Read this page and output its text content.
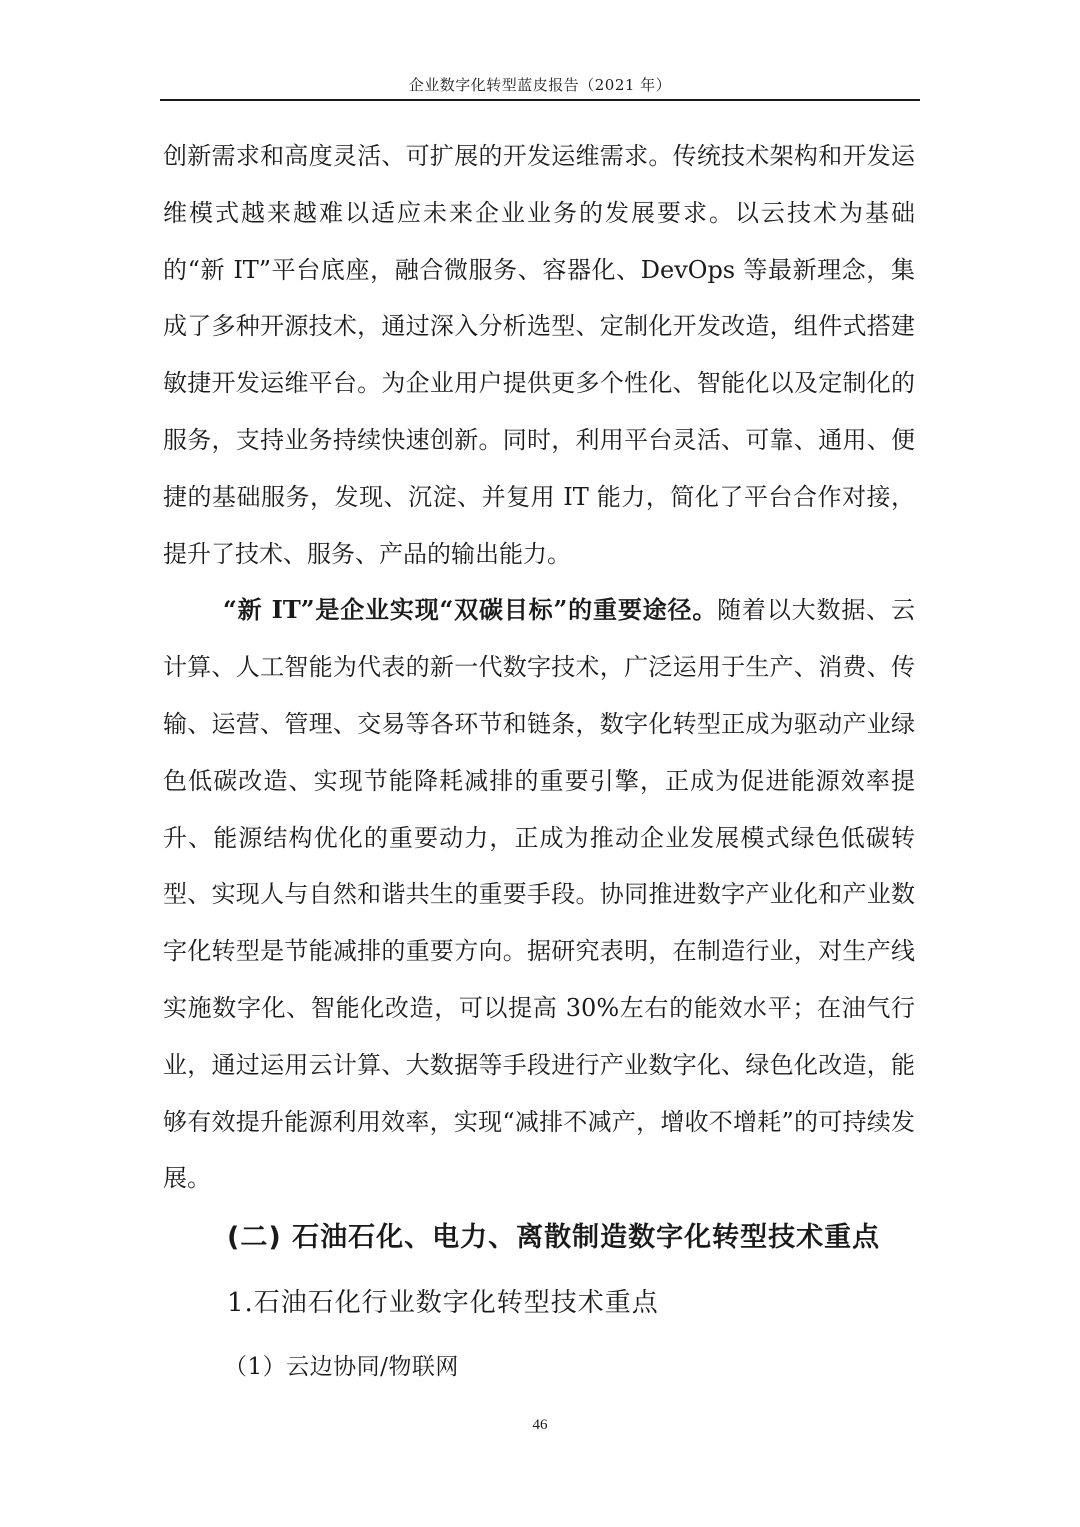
企业数字化转型蓝皮报告（2021 年）

创新需求和高度灵活、可扩展的开发运维需求。传统技术架构和开发运维模式越来越难以适应未来企业业务的发展要求。以云技术为基础的“新 IT”平台底座，融合微服务、容器化、DevOps 等最新理念，集成了多种开源技术，通过深入分析选型、定制化开发改造，组件式搭建敏捷开发运维平台。为企业用户提供更多个性化、智能化以及定制化的服务，支持业务持续快速创新。同时，利用平台灵活、可靠、通用、便捷的基础服务，发现、沉淀、并复用 IT 能力，简化了平台合作对接，提升了技术、服务、产品的输出能力。

“新 IT”是企业实现“双碳目标”的重要途径。随着以大数据、云计算、人工智能为代表的新一代数字技术，广泛运用于生产、消费、传输、运营、管理、交易等各环节和链条，数字化转型正成为驱动产业绿色低碳改造、实现节能降耗减排的重要引擎，正成为促进能源效率提升、能源结构优化的重要动力，正成为推动企业发展模式绿色低碳转型、实现人与自然和谐共生的重要手段。协同推进数字产业化和产业数字化转型是节能减排的重要方向。据研究表明，在制造行业，对生产线实施数字化、智能化改造，可以提高 30%左右的能效水平；在油气行业，通过运用云计算、大数据等手段进行产业数字化、绿色化改造，能够有效提升能源利用效率，实现“减排不减产，增收不增耗”的可持续发展。

(二) 石油石化、电力、离散制造数字化转型技术重点
1.石油石化行业数字化转型技术重点
（1）云边协同/物联网
46
